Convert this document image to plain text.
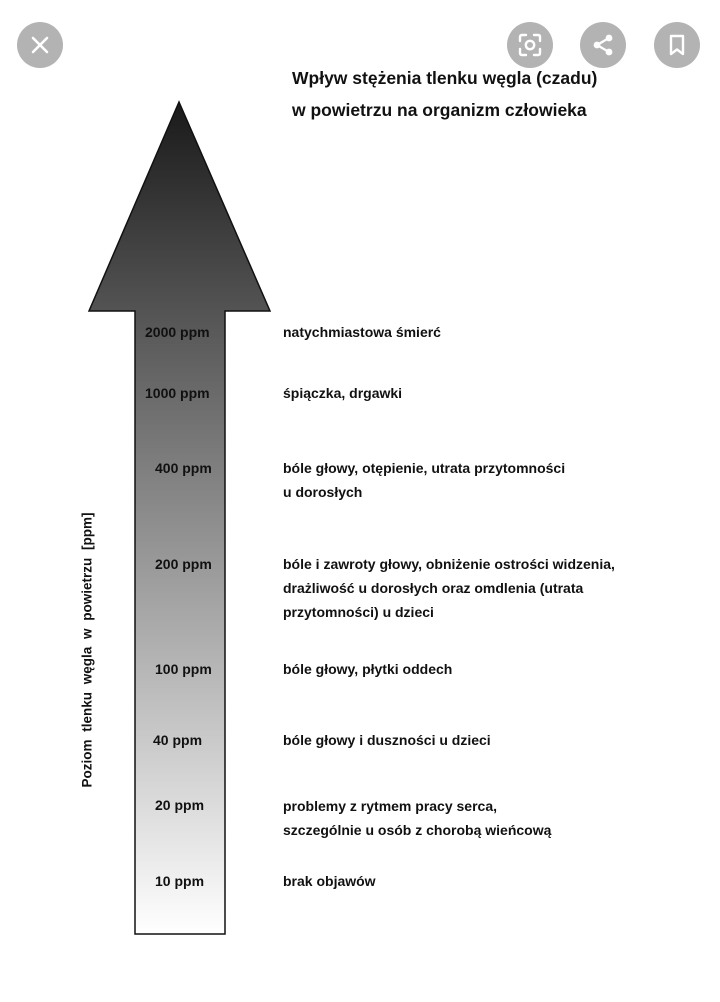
Wpływ stężenia tlenku węgla (czadu)
w powietrzu na organizm człowieka
2000 ppm
1000 ppm
400 ppm
200 ppm
100 ppm
40 ppm
20 ppm
10 ppm
natychmiastowa śmierć
śpiączka, drgawki
bóle głowy, otępienie, utrata przytomności
u dorosłych
bóle i zawroty głowy, obniżenie ostrości widzenia,
drażliwość u dorosłych oraz omdlenia (utrata
przytomności) u dzieci
bóle głowy, płytki oddech
bóle głowy i duszności u dzieci
problemy z rytmem pracy serca,
szczególnie u osób z chorobą wieńcową
brak objawów
Poziom tlenku węgla w powietrzu [ppm]
